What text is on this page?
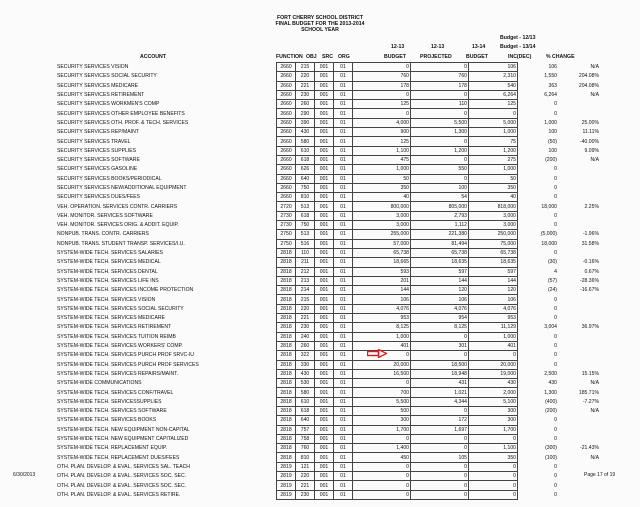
FORT CHERRY SCHOOL DISTRICT
FINAL BUDGET FOR THE 2013-2014
SCHOOL YEAR
Budget - 12/13
Budget - 13/14
12-13	12-13	13-14
ACCOUNT	FUNCTION OBJ SRC ORG	BUDGET	PROJECTED	BUDGET	INC(DEC)	% CHANGE
SECURITY SERVICES VISION	2660	215	001	01	0	0	106	106	N/A
SECURITY SERVICES SOCIAL SECURITY	2660	220	001	01	760	760	2,310	1,550	204.08%
SECURITY SERVICES MEDICARE	2660	221	001	01	178	178	540	363	204.08%
SECURITY SERVICES RETIREMENT	2660	230	001	01	0	0	6,264	6,264	N/A
SECURITY SERVICES WORKMEN'S COMP	2660	260	001	01	125	110	125	0	
SECURITY SERVICES OTHER EMPLOYEE BENEFITS	2660	290	001	01	0	0	0	0	
SECURITY SERVICES OTH. PROF. & TECH. SERVICES	2660	390	001	01	4,000	5,500	5,000	1,000	25.00%
SECURITY SERVICES REP/MAINT	2660	430	001	01	900	1,300	1,000	100	11.11%
SECURITY SERVICES TRAVEL	2660	580	001	01	125	0	75	(50)	-40.00%
SECURITY SERVICES SUPPLIES	2660	610	001	01	1,100	1,200	1,200	100	9.09%
SECURITY SERVICES SOFTWARE	2660	618	001	01	475	0	275	(200)	N/A
SECURITY SERVICES GASOLINE	2660	626	001	01	1,000	550	1,000	0	
SECURITY SERVICES BOOKS/PERIODICAL	2660	640	001	01	50	0	50	0	
SECURITY SERVICES NEW/ADDITIONAL EQUIPMENT	2660	750	001	01	350	100	350	0	
SECURITY SERVICES DUES/FEES	2660	810	001	01	40	54	40	0	
VEH. OPERATION. SERVICES CONTR. CARRIERS	2720	513	001	01	800,000	805,000	818,000	18,000	2.25%
VEH. MONITOR. SERVICES SOFTWARE	2730	618	001	01	3,000	2,793	3,000	0	
VEH. MONITOR. SERVICES ORIG. & ADDIT. EQUIP.	2730	750	001	01	3,000	1,112	3,000	0	
NONPUB. TRANS. CONTR. CARRIERS	2750	513	001	01	255,000	221,380	250,000	(5,000)	-1.96%
NONPUB. TRANS. STUDENT TRANSP. SERVICES/I.U.	2750	516	001	01	57,000	81,494	75,000	18,000	31.58%
SYSTEM-WIDE TECH. SERVICES SALARIES	2818	110	001	01	65,738	65,738	65,738	0	
SYSTEM-WIDE TECH. SERVICES MEDICAL	2818	211	001	01	18,665	18,635	18,635	(30)	-0.16%
SYSTEM-WIDE TECH. SERVICES DENTAL	2818	212	001	01	593	597	597	4	0.67%
SYSTEM-WIDE TECH. SERVICES LIFE INS	2818	213	001	01	201	144	144	(57)	-28.36%
SYSTEM-WIDE TECH. SERVICES INCOME PROTECTION	2818	214	001	01	144	120	120	(24)	-16.67%
SYSTEM-WIDE TECH. SERVICES VISION	2818	215	001	01	106	106	106	0	
SYSTEM-WIDE TECH. SERVICES SOCIAL SECURITY	2818	220	001	01	4,076	4,076	4,076	0	
SYSTEM-WIDE TECH. SERVICES MEDICARE	2818	221	001	01	953	954	953	0	
SYSTEM-WIDE TECH. SERVICES RETIREMENT	2818	230	001	01	8,125	8,125	11,129	3,004	36.97%
SYSTEM-WIDE TECH. SERVICES TUITION REIMB	2818	240	001	01	1,000	0	1,000	0	
SYSTEM-WIDE TECH. SERVICES WORKERS' COMP.	2818	260	001	01	401	301	401	0	
SYSTEM-WIDE TECH. SERVICES PURCH PROF SRVC-IU	2818	322	001	01	0	0	0	0	
SYSTEM-WIDE TECH. SERVICES PURCH PROF SERVICES	2818	330	001	01	20,000	18,500	20,000	0	
SYSTEM-WIDE TECH. SERVICES REPAIRS/MAINT.	2818	430	001	01	16,500	18,948	19,000	2,500	15.15%
SYSTEM-WIDE COMMUNICATIONS	2818	530	001	01	0	431	430	430	N/A
SYSTEM-WIDE TECH. SERVICES CONF/TRAVEL	2818	580	001	01	700	1,021	2,000	1,300	185.71%
SYSTEM-WIDE TECH. SERVICESSUPPLIES	2818	610	001	01	5,500	4,344	5,100	(400)	-7.27%
SYSTEM-WIDE TECH. SERVICES SOFTWARE	2818	618	001	01	500	0	300	(200)	N/A
SYSTEM-WIDE TECH. SERVICES BOOKS	2818	640	001	01	300	172	300	0	
SYSTEM-WIDE TECH. NEW EQUIPMENT NON-CAPITAL	2818	757	001	01	1,700	1,697	1,700	0	
SYSTEM-WIDE TECH. NEW EQUIPMENT CAPITALIZED	2818	758	001	01	0	0	0	0	
SYSTEM-WIDE TECH. REPLACEMENT EQUIP.	2818	760	001	01	1,400	0	1,100	(300)	-21.43%
SYSTEM-WIDE TECH. REPLACEMENT DUES/FEES	2818	810	001	01	450	105	350	(100)	N/A
OTH. PLAN. DEVELOP. & EVAL. SERVICES SAL. TEACH	2819	121	001	01	0	0	0	0	
OTH. PLAN. DEVELOP. & EVAL. SERVICES SOC. SEC.	2819	220	001	01	0	0	0	0	
OTH. PLAN. DEVELOP. & EVAL. SERVICES SOC. SEC.	2819	221	001	01	0	0	0	0	
OTH. PLAN. DEVELOP. & EVAL. SERVICES RETIRE.	2819	230	001	01	0	0	0	0	
6/30/2013	Page 17 of 19
